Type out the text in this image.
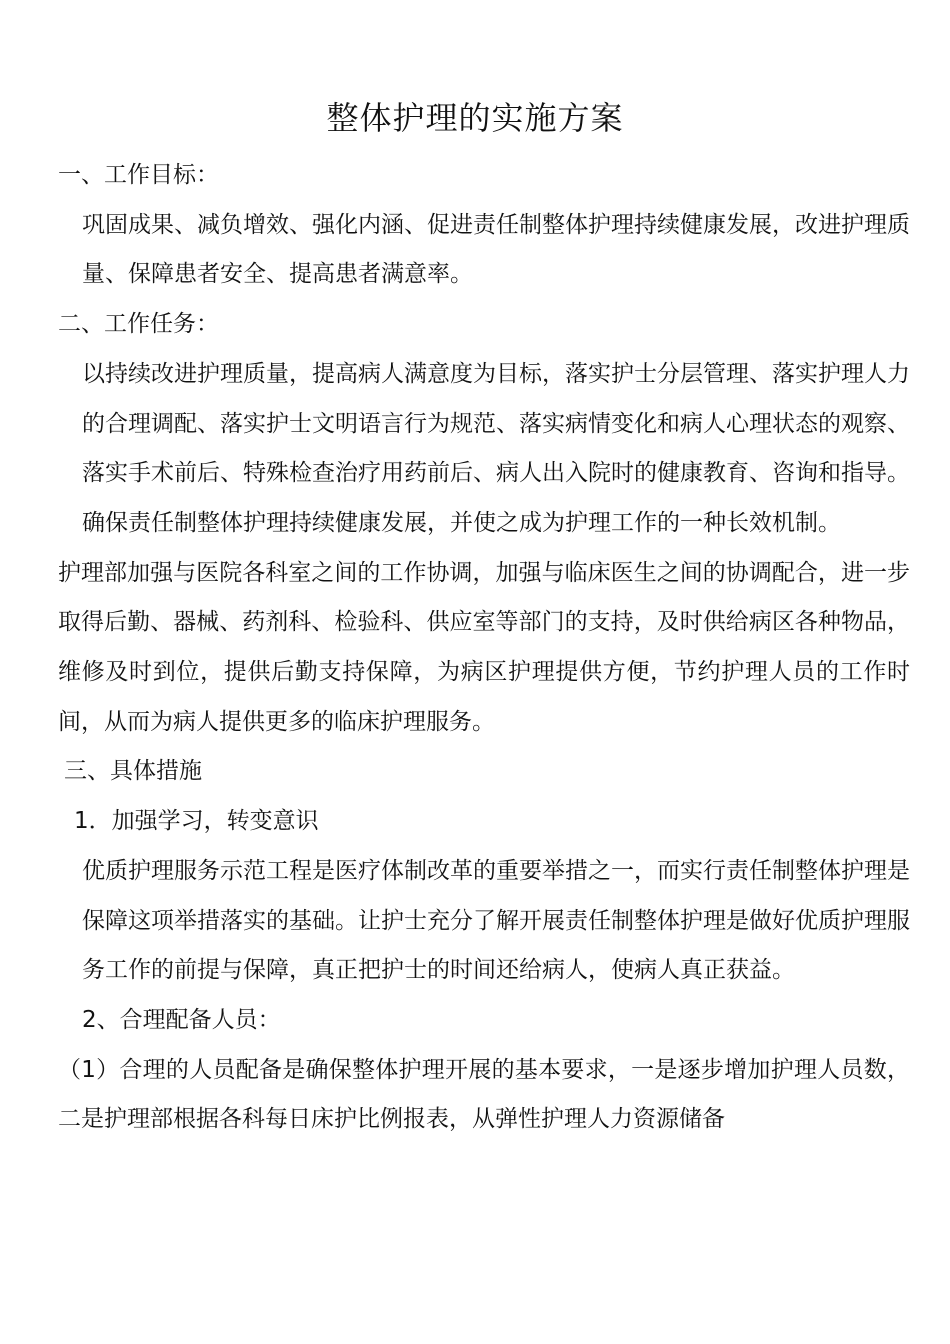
整体护理的实施方案

一、工作目标：

巩固成果、减负增效、强化内涵、促进责任制整体护理持续健康发展，改进护理质量、保障患者安全、提高患者满意率。

二、工作任务：

以持续改进护理质量，提高病人满意度为目标，落实护士分层管理、落实护理人力的合理调配、落实护士文明语言行为规范、落实病情变化和病人心理状态的观察、落实手术前后、特殊检查治疗用药前后、病人出入院时的健康教育、咨询和指导。确保责任制整体护理持续健康发展，并使之成为护理工作的一种长效机制。

护理部加强与医院各科室之间的工作协调，加强与临床医生之间的协调配合，进一步取得后勤、器械、药剂科、检验科、供应室等部门的支持，及时供给病区各种物品，维修及时到位，提供后勤支持保障，为病区护理提供方便，节约护理人员的工作时间，从而为病人提供更多的临床护理服务。

三、具体措施

1．加强学习，转变意识

优质护理服务示范工程是医疗体制改革的重要举措之一，而实行责任制整体护理是保障这项举措落实的基础。让护士充分了解开展责任制整体护理是做好优质护理服务工作的前提与保障，真正把护士的时间还给病人，使病人真正获益。

2、合理配备人员：

（1）合理的人员配备是确保整体护理开展的基本要求，一是逐步增加护理人员数，二是护理部根据各科每日床护比例报表，从弹性护理人力资源储备
